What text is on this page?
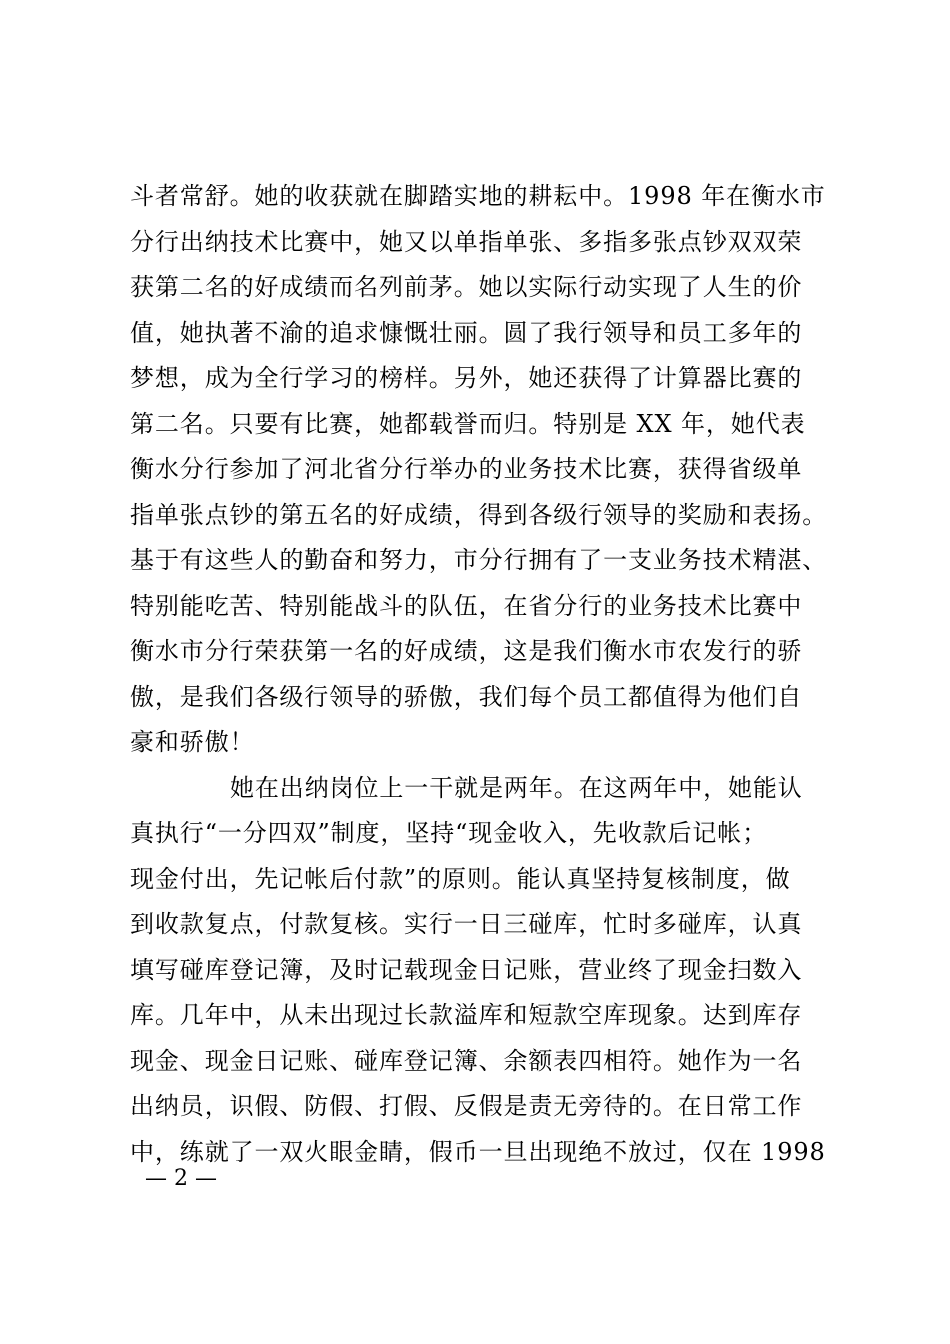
斗者常舒。她的收获就在脚踏实地的耕耘中。1998 年在衡水市
分行出纳技术比赛中，她又以单指单张、多指多张点钞双双荣
获第二名的好成绩而名列前茅。她以实际行动实现了人生的价
值，她执著不渝的追求慷慨壮丽。圆了我行领导和员工多年的
梦想，成为全行学习的榜样。另外，她还获得了计算器比赛的
第二名。只要有比赛，她都载誉而归。特别是 XX 年，她代表
衡水分行参加了河北省分行举办的业务技术比赛，获得省级单
指单张点钞的第五名的好成绩，得到各级行领导的奖励和表扬。
基于有这些人的勤奋和努力，市分行拥有了一支业务技术精湛、
特别能吃苦、特别能战斗的队伍，在省分行的业务技术比赛中
衡水市分行荣获第一名的好成绩，这是我们衡水市农发行的骄
傲，是我们各级行领导的骄傲，我们每个员工都值得为他们自
豪和骄傲！
她在出纳岗位上一干就是两年。在这两年中，她能认
真执行“一分四双”制度，坚持“现金收入，先收款后记帐；
现金付出，先记帐后付款”的原则。能认真坚持复核制度，做
到收款复点，付款复核。实行一日三碰库，忙时多碰库，认真
填写碰库登记簿，及时记载现金日记账，营业终了现金扫数入
库。几年中，从未出现过长款溢库和短款空库现象。达到库存
现金、现金日记账、碰库登记簿、余额表四相符。她作为一名
出纳员，识假、防假、打假、反假是责无旁待的。在日常工作
中，练就了一双火眼金睛，假币一旦出现绝不放过，仅在 1998
— 2 —
